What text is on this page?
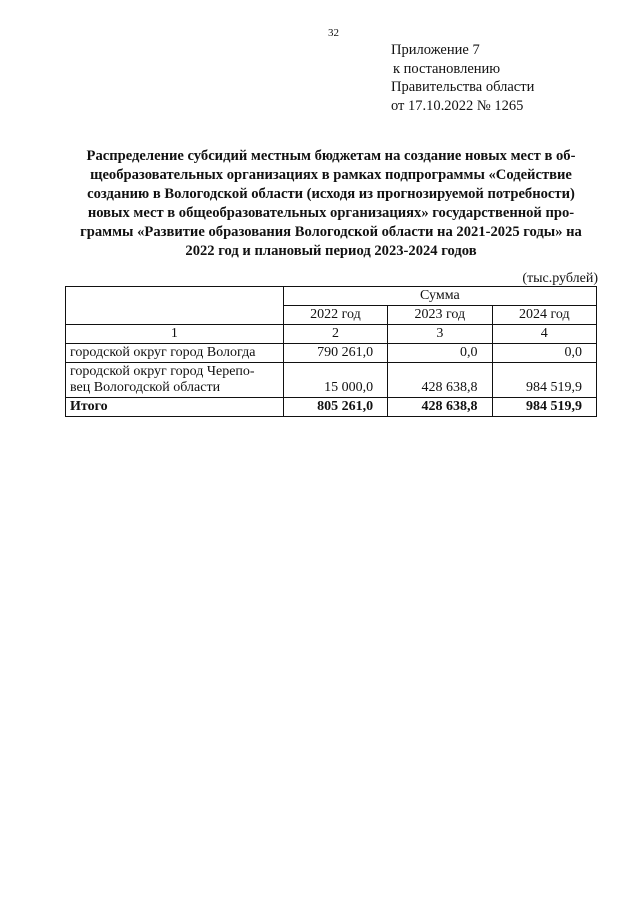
32
Приложение 7
к постановлению
Правительства области
от 17.10.2022 № 1265
Распределение субсидий местным бюджетам на создание новых мест в об-
щеобразовательных организациях в рамках подпрограммы «Содействие
созданию в Вологодской области (исходя из прогнозируемой потребности)
новых мест в общеобразовательных организациях» государственной про-
граммы «Развитие образования Вологодской области на 2021-2025 годы» на
2022 год и плановый период 2023-2024 годов
(тыс.рублей)
	Сумма		
	2022 год	2023 год	2024 год
1	2	3	4
городской округ город Вологда	790 261,0	0,0	0,0

городской округ город Черепо-
вец Вологодской области	15 000,0	428 638,8	984 519,9
Итого	805 261,0	428 638,8	984 519,9
